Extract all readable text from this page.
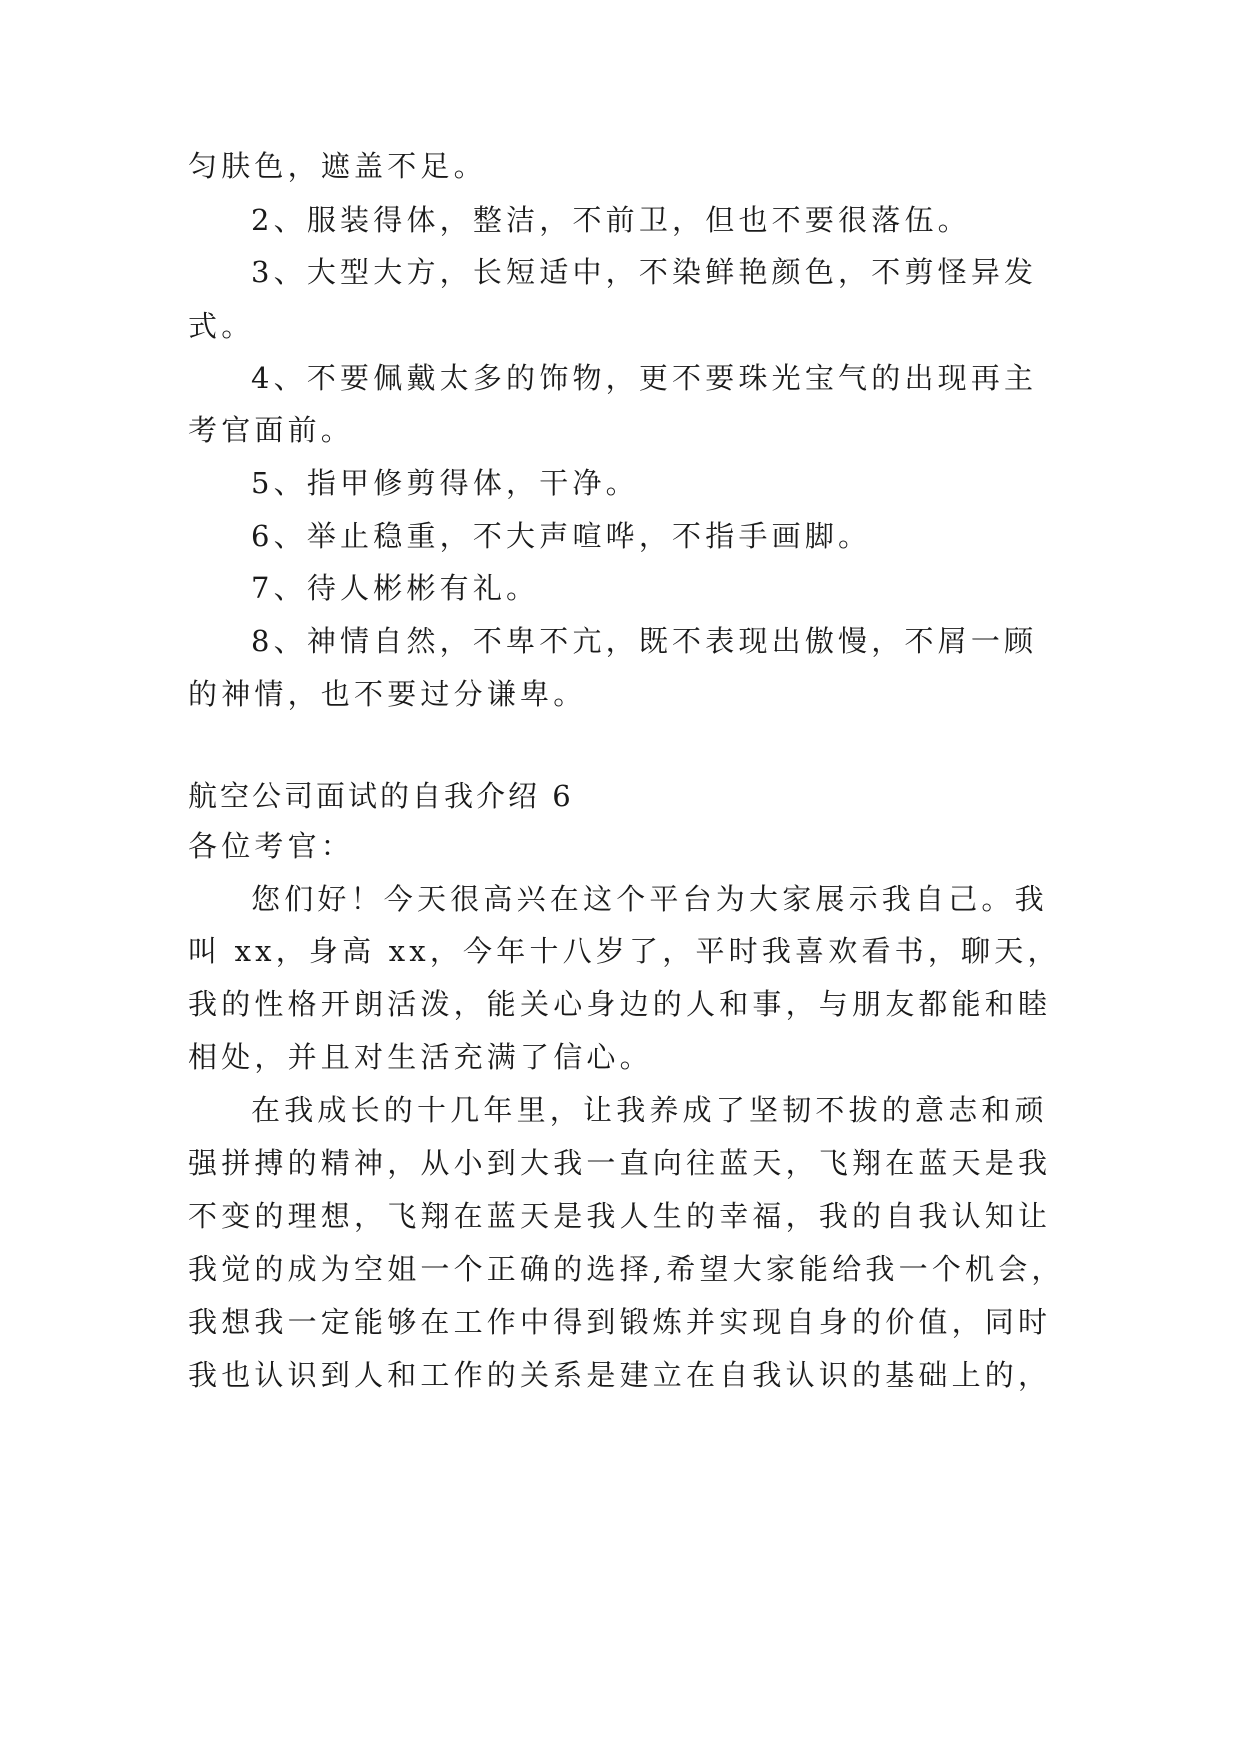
匀肤色，遮盖不足。
2、服装得体，整洁，不前卫，但也不要很落伍。
3、大型大方，长短适中，不染鲜艳颜色，不剪怪异发
式。
4、不要佩戴太多的饰物，更不要珠光宝气的出现再主
考官面前。
5、指甲修剪得体，干净。
6、举止稳重，不大声喧哗，不指手画脚。
7、待人彬彬有礼。
8、神情自然，不卑不亢，既不表现出傲慢，不屑一顾
的神情，也不要过分谦卑。
航空公司面试的自我介绍 6
各位考官：
您们好！今天很高兴在这个平台为大家展示我自己。我
叫 xx，身高 xx，今年十八岁了，平时我喜欢看书，聊天，
我的性格开朗活泼，能关心身边的人和事，与朋友都能和睦
相处，并且对生活充满了信心。
在我成长的十几年里，让我养成了坚韧不拔的意志和顽
强拼搏的精神，从小到大我一直向往蓝天，飞翔在蓝天是我
不变的理想，飞翔在蓝天是我人生的幸福，我的自我认知让
我觉的成为空姐一个正确的选择,希望大家能给我一个机会，
我想我一定能够在工作中得到锻炼并实现自身的价值，同时
我也认识到人和工作的关系是建立在自我认识的基础上的，
